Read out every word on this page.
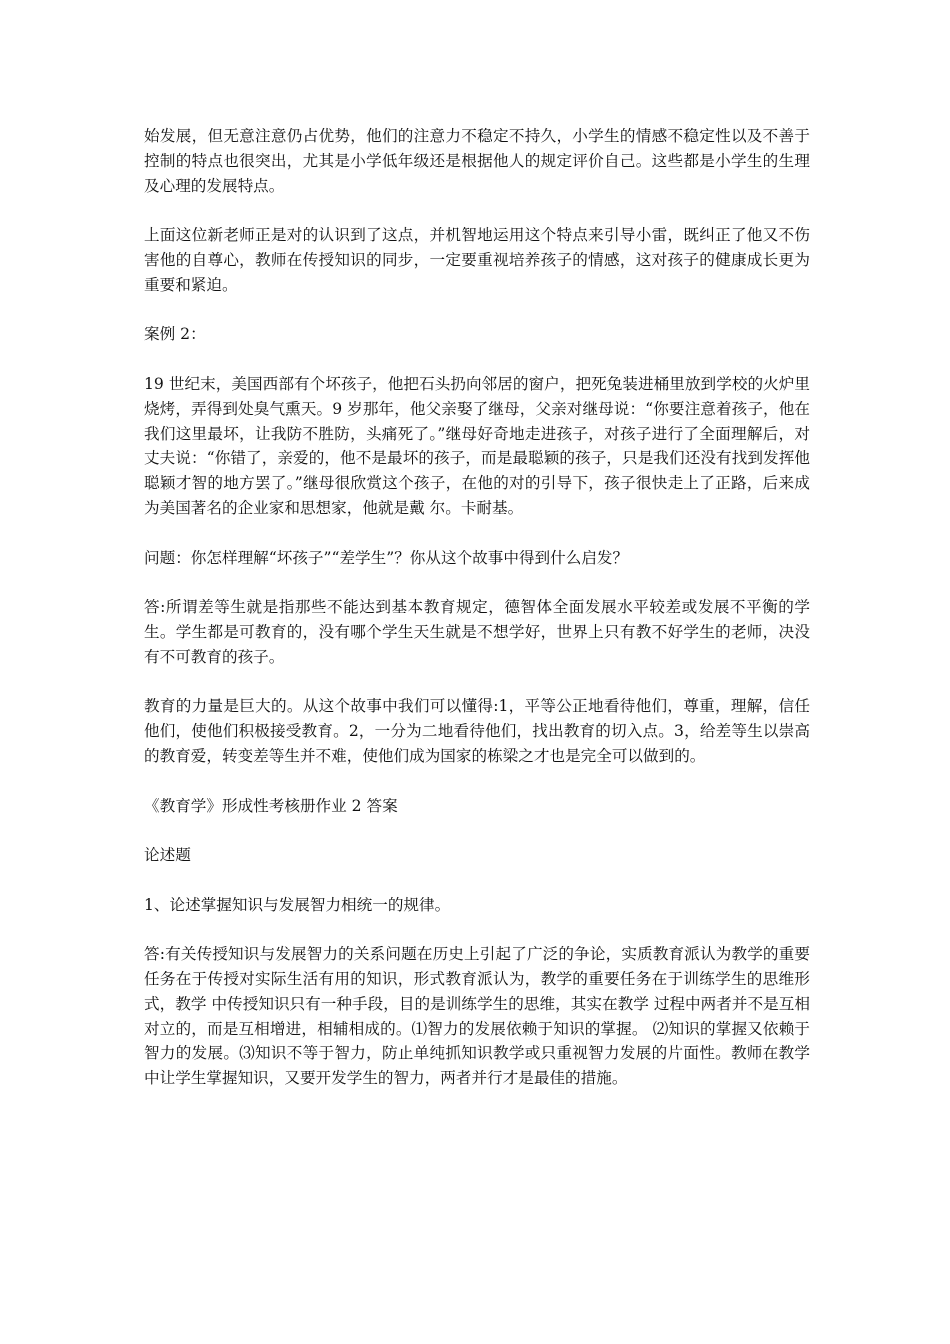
始发展，但无意注意仍占优势，他们的注意力不稳定不持久，小学生的情感不稳定性以及不善于控制的特点也很突出，尤其是小学低年级还是根据他人的规定评价自己。这些都是小学生的生理及心理的发展特点。

上面这位新老师正是对的认识到了这点，并机智地运用这个特点来引导小雷，既纠正了他又不伤害他的自尊心，教师在传授知识的同步，一定要重视培养孩子的情感，这对孩子的健康成长更为重要和紧迫。

案例 2：

19 世纪末，美国西部有个坏孩子，他把石头扔向邻居的窗户，把死兔装进桶里放到学校的火炉里烧烤，弄得到处臭气熏天。9 岁那年，他父亲娶了继母，父亲对继母说：“你要注意着孩子，他在我们这里最坏，让我防不胜防，头痛死了。”继母好奇地走进孩子，对孩子进行了全面理解后，对丈夫说：“你错了，亲爱的，他不是最坏的孩子，而是最聪颖的孩子，只是我们还没有找到发挥他聪颖才智的地方罢了。”继母很欣赏这个孩子，在他的对的引导下，孩子很快走上了正路，后来成为美国著名的企业家和思想家，他就是戴 尔。卡耐基。

问题：你怎样理解“坏孩子”“差学生”？你从这个故事中得到什么启发？

答:所谓差等生就是指那些不能达到基本教育规定，德智体全面发展水平较差或发展不平衡的学生。学生都是可教育的，没有哪个学生天生就是不想学好，世界上只有教不好学生的老师，决没有不可教育的孩子。

教育的力量是巨大的。从这个故事中我们可以懂得:1，平等公正地看待他们，尊重，理解，信任他们，使他们积极接受教育。2，一分为二地看待他们，找出教育的切入点。3，给差等生以崇高的教育爱，转变差等生并不难，使他们成为国家的栋梁之才也是完全可以做到的。

《教育学》形成性考核册作业 2 答案

论述题

1、论述掌握知识与发展智力相统一的规律。

答:有关传授知识与发展智力的关系问题在历史上引起了广泛的争论，实质教育派认为教学的重要任务在于传授对实际生活有用的知识，形式教育派认为，教学的重要任务在于训练学生的思维形式，教学 中传授知识只有一种手段，目的是训练学生的思维，其实在教学 过程中两者并不是互相对立的，而是互相增进，相辅相成的。⑴智力的发展依赖于知识的掌握。 ⑵知识的掌握又依赖于智力的发展。⑶知识不等于智力，防止单纯抓知识教学或只重视智力发展的片面性。教师在教学中让学生掌握知识，又要开发学生的智力，两者并行才是最佳的措施。
